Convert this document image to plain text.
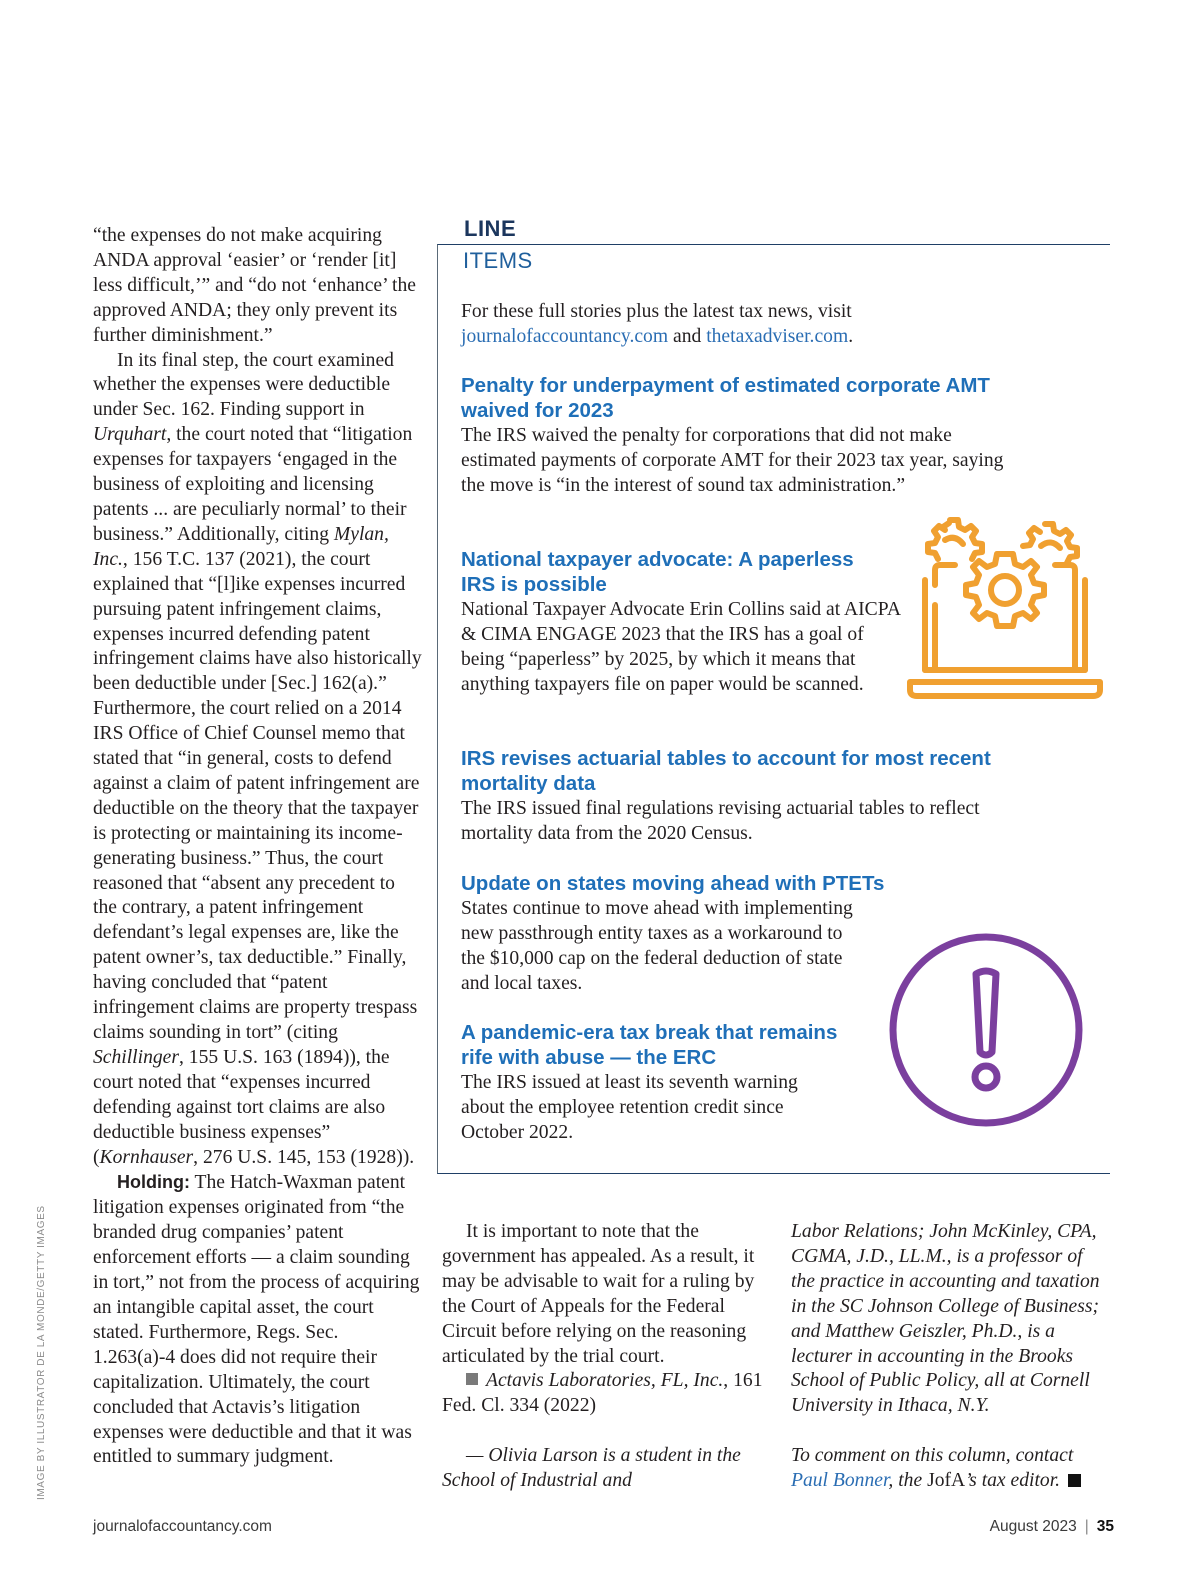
“the expenses do not make acquiring ANDA approval ‘easier’ or ‘render [it] less difficult,’” and “do not ‘enhance’ the approved ANDA; they only prevent its further diminishment.”

In its final step, the court examined whether the expenses were deductible under Sec. 162. Finding support in Urquhart, the court noted that “litigation expenses for taxpayers ‘engaged in the business of exploiting and licensing patents ... are peculiarly normal’ to their business.” Additionally, citing Mylan, Inc., 156 T.C. 137 (2021), the court explained that “[l]ike expenses incurred pursuing patent infringement claims, expenses incurred defending patent infringement claims have also historically been deductible under [Sec.] 162(a).” Furthermore, the court relied on a 2014 IRS Office of Chief Counsel memo that stated that “in general, costs to defend against a claim of patent infringement are deductible on the theory that the taxpayer is protecting or maintaining its income-generating business.” Thus, the court reasoned that “absent any precedent to the contrary, a patent infringement defendant’s legal expenses are, like the patent owner’s, tax deductible.” Finally, having concluded that “patent infringement claims are property trespass claims sounding in tort” (citing Schillinger, 155 U.S. 163 (1894)), the court noted that “expenses incurred defending against tort claims are also deductible business expenses” (Kornhauser, 276 U.S. 145, 153 (1928)).

Holding: The Hatch-Waxman patent litigation expenses originated from “the branded drug companies’ patent enforcement efforts — a claim sounding in tort,” not from the process of acquiring an intangible capital asset, the court stated. Furthermore, Regs. Sec. 1.263(a)-4 does did not require their capitalization. Ultimately, the court concluded that Actavis’s litigation expenses were deductible and that it was entitled to summary judgment.

LINE
ITEMS
For these full stories plus the latest tax news, visit
journalofaccountancy.com and thetaxadviser.com.
Penalty for underpayment of estimated corporate AMT waived for 2023
The IRS waived the penalty for corporations that did not make estimated payments of corporate AMT for their 2023 tax year, saying the move is “in the interest of sound tax administration.”
National taxpayer advocate: A paperless IRS is possible
National Taxpayer Advocate Erin Collins said at AICPA & CIMA ENGAGE 2023 that the IRS has a goal of being “paperless” by 2025, by which it means that anything taxpayers file on paper would be scanned.
IRS revises actuarial tables to account for most recent mortality data
The IRS issued final regulations revising actuarial tables to reflect mortality data from the 2020 Census.
Update on states moving ahead with PTETs
States continue to move ahead with implementing new passthrough entity taxes as a workaround to the $10,000 cap on the federal deduction of state and local taxes.
A pandemic-era tax break that remains rife with abuse — the ERC
The IRS issued at least its seventh warning about the employee retention credit since October 2022.

It is important to note that the government has appealed. As a result, it may be advisable to wait for a ruling by the Court of Appeals for the Federal Circuit before relying on the reasoning articulated by the trial court.

Actavis Laboratories, FL, Inc., 161 Fed. Cl. 334 (2022)

— Olivia Larson is a student in the School of Industrial and

Labor Relations; John McKinley, CPA, CGMA, J.D., LL.M., is a professor of the practice in accounting and taxation in the SC Johnson College of Business; and Matthew Geiszler, Ph.D., is a lecturer in accounting in the Brooks School of Public Policy, all at Cornell University in Ithaca, N.Y.

To comment on this column, contact
Paul Bonner, the JofA’s tax editor.

journalofaccountancy.com	August 2023 | 35
IMAGE BY ILLUSTRATOR DE LA MONDE/GETTY IMAGES
